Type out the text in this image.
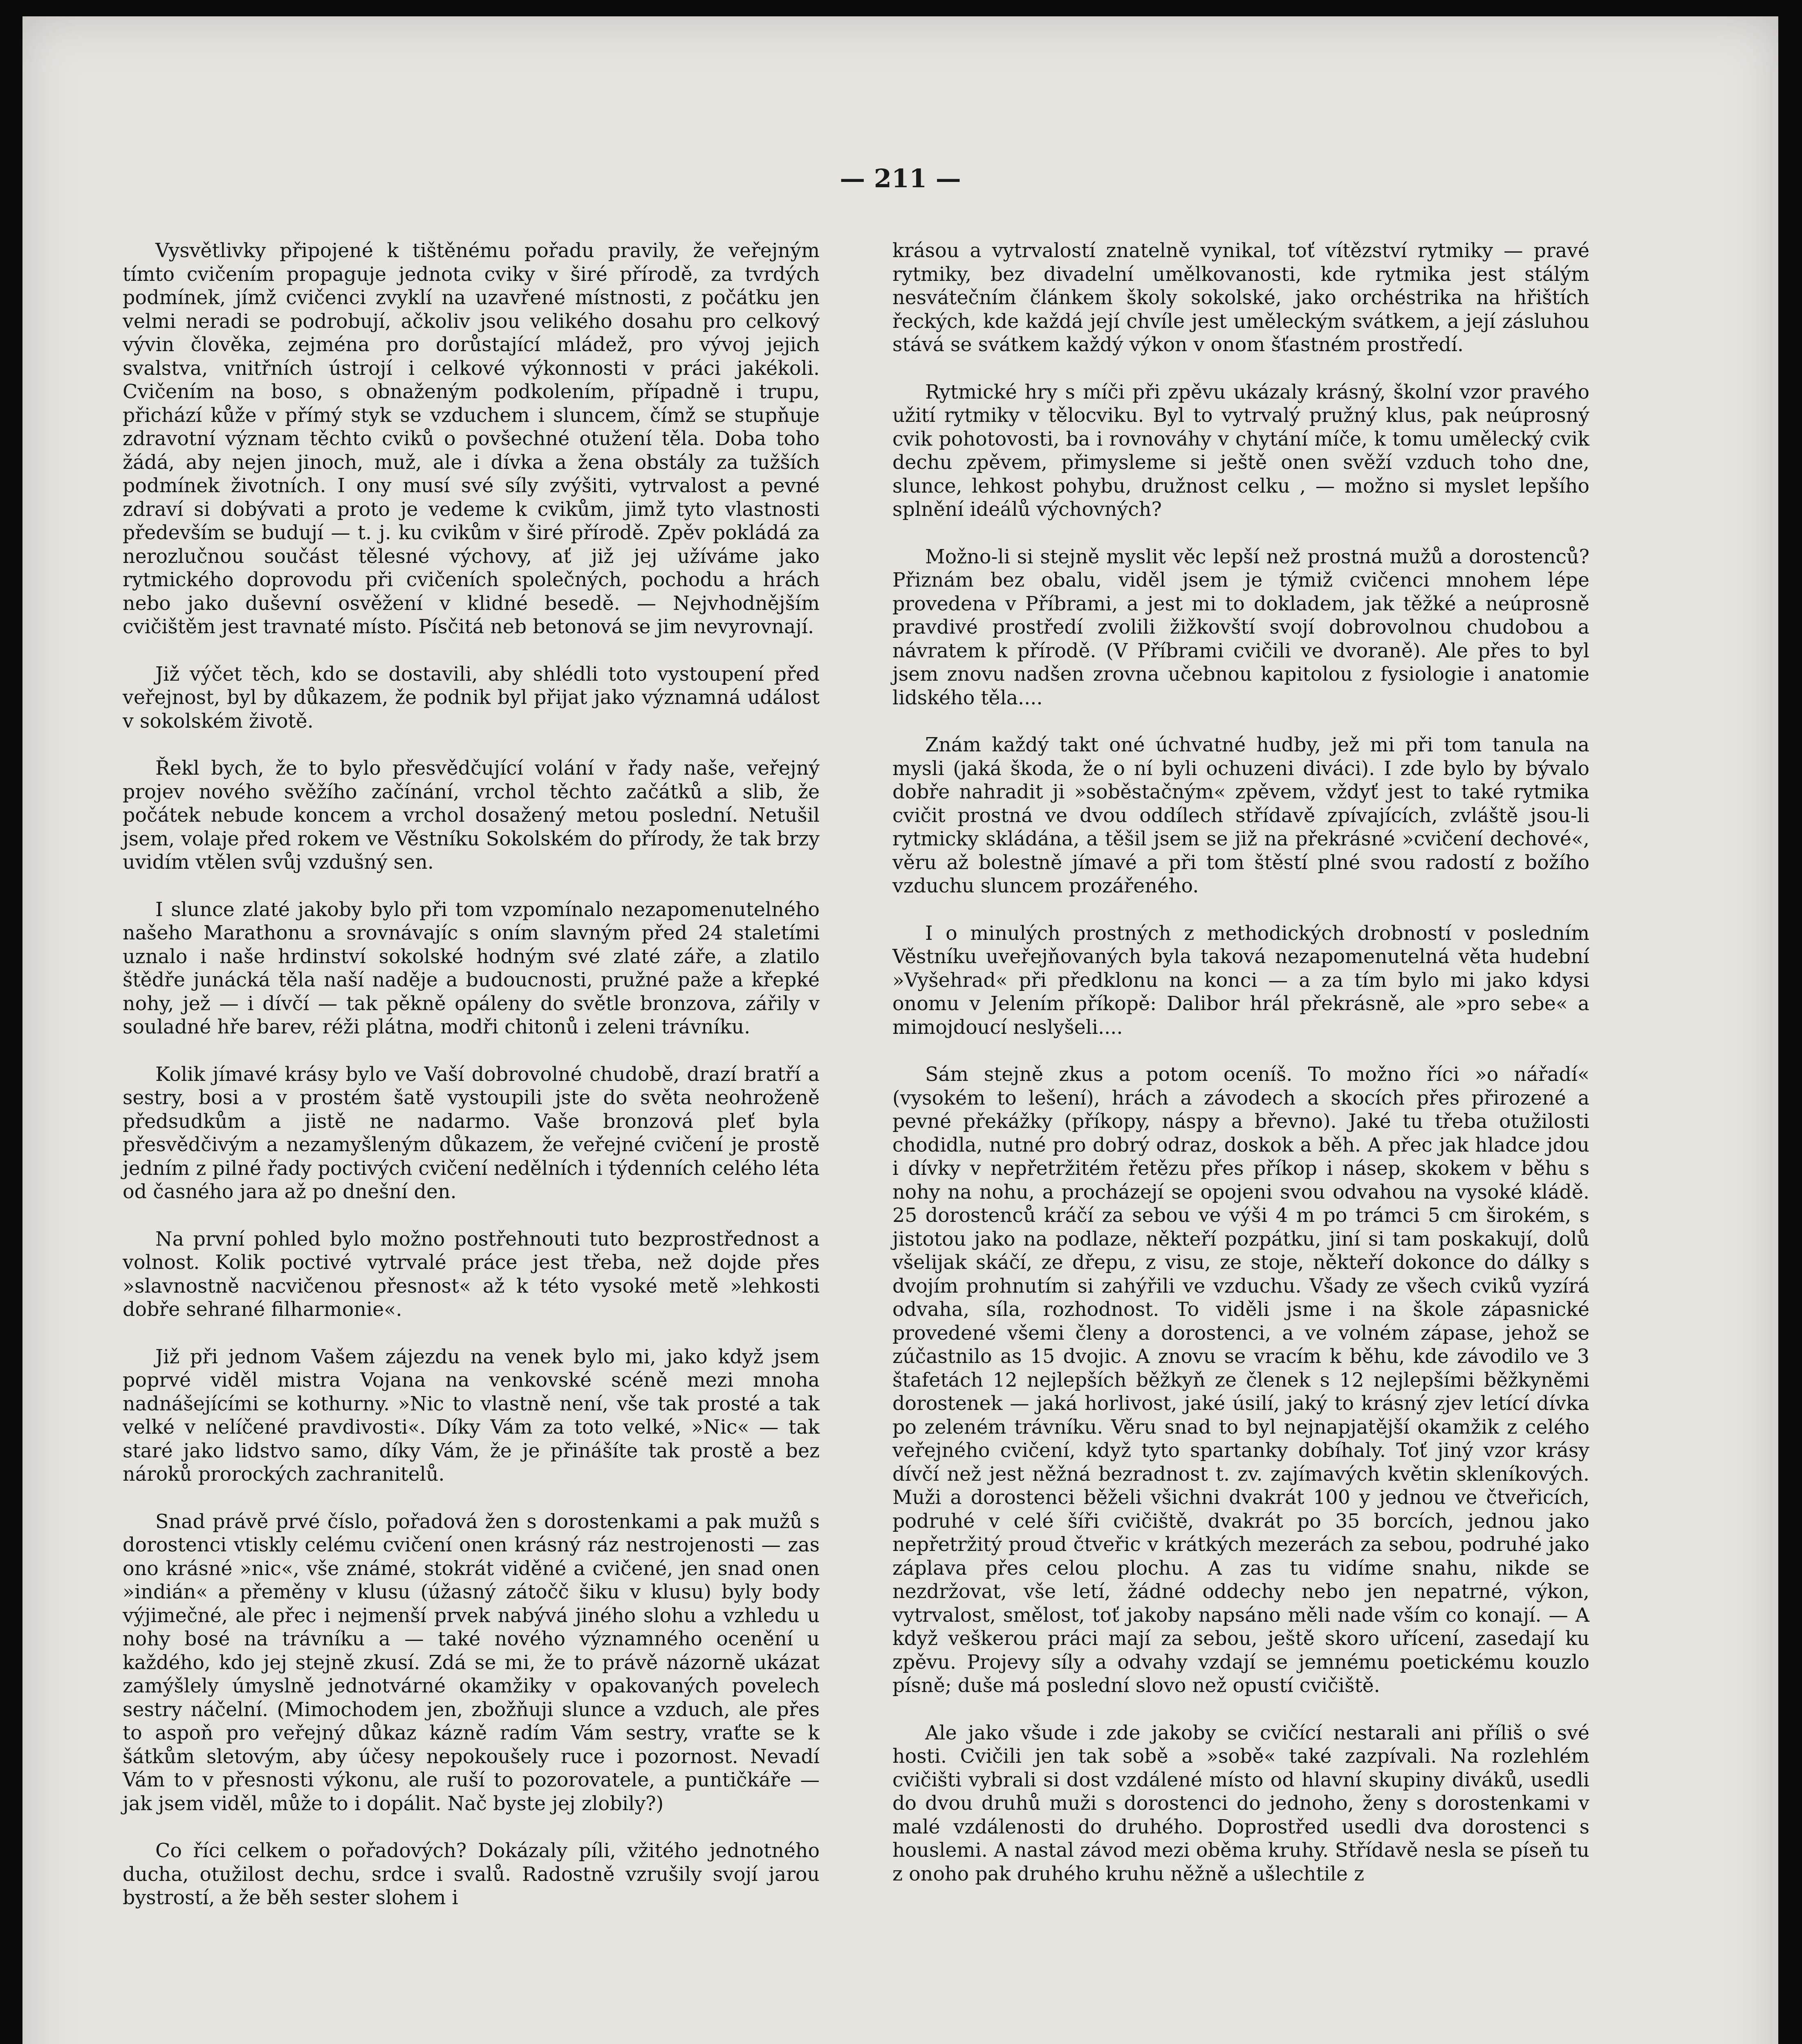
— 211 —

Vysvětlivky připojené k tištěnému pořadu pravily, že veřejným tímto cvičením propaguje jednota cviky v širé přírodě, za tvrdých podmínek, jímž cvičenci zvyklí na uzavřené místnosti, z počátku jen velmi neradi se podrobují, ačkoliv jsou velikého dosahu pro celkový vývin člověka, zejména pro dorůstající mládež, pro vývoj jejich svalstva, vnitřních ústrojí i celkové výkonnosti v práci jakékoli. Cvičením na boso, s obnaženým podkolením, případně i trupu, přichází kůže v přímý styk se vzduchem i sluncem, čímž se stupňuje zdravotní význam těchto cviků o povšechné otužení těla. Doba toho žádá, aby nejen jinoch, muž, ale i dívka a žena obstály za tužších podmínek životních. I ony musí své síly zvýšiti, vytrvalost a pevné zdraví si dobývati a proto je vedeme k cvikům, jimž tyto vlastnosti především se budují — t. j. ku cvikům v širé přírodě. Zpěv pokládá za nerozlučnou součást tělesné výchovy, ať již jej užíváme jako rytmického doprovodu při cvičeních společných, pochodu a hrách nebo jako duševní osvěžení v klidné besedě. — Nejvhodnějším cvičištěm jest travnaté místo. Písčitá neb betonová se jim nevyrovnají.

Již výčet těch, kdo se dostavili, aby shlédli toto vystoupení před veřejnost, byl by důkazem, že podnik byl přijat jako významná událost v sokolském životě.

Řekl bych, že to bylo přesvědčující volání v řady naše, veřejný projev nového svěžího začínání, vrchol těchto začátků a slib, že počátek nebude koncem a vrchol dosažený metou poslední. Netušil jsem, volaje před rokem ve Věstníku Sokolském do přírody, že tak brzy uvidím vtělen svůj vzdušný sen.

I slunce zlaté jakoby bylo při tom vzpomínalo nezapomenutelného našeho Marathonu a srovnávajíc s oním slavným před 24 staletími uznalo i naše hrdinství sokolské hodným své zlaté záře, a zlatilo štědře junácká těla naší naděje a budoucnosti, pružné paže a křepké nohy, jež — i dívčí — tak pěkně opáleny do světle bronzova, zářily v souladné hře barev, réži plátna, modři chitonů i zeleni trávníku.

Kolik jímavé krásy bylo ve Vaší dobrovolné chudobě, drazí bratří a sestry, bosi a v prostém šatě vystoupili jste do světa neohroženě předsudkům a jistě ne nadarmo. Vaše bronzová pleť byla přesvědčivým a nezamyšleným důkazem, že veřejné cvičení je prostě jedním z pilné řady poctivých cvičení nedělních i týdenních celého léta od časného jara až po dnešní den.

Na první pohled bylo možno postřehnouti tuto bezprostřednost a volnost. Kolik poctivé vytrvalé práce jest třeba, než dojde přes »slavnostně nacvičenou přesnost« až k této vysoké metě »lehkosti dobře sehrané filharmonie«.

Již při jednom Vašem zájezdu na venek bylo mi, jako když jsem poprvé viděl mistra Vojana na venkovské scéně mezi mnoha nadnášejícími se kothurny. »Nic to vlastně není, vše tak prosté a tak velké v nelíčené pravdivosti«. Díky Vám za toto velké, »Nic« — tak staré jako lidstvo samo, díky Vám, že je přinášíte tak prostě a bez nároků prorockých zachranitelů.

Snad právě prvé číslo, pořadová žen s dorostenkami a pak mužů s dorostenci vtiskly celému cvičení onen krásný ráz nestrojenosti — zas ono krásné »nic«, vše známé, stokrát viděné a cvičené, jen snad onen »indián« a přeměny v klusu (úžasný zátočč šiku v klusu) byly body výjimečné, ale přec i nejmenší prvek nabývá jiného slohu a vzhledu u nohy bosé na trávníku a — také nového významného ocenění u každého, kdo jej stejně zkusí. Zdá se mi, že to právě názorně ukázat zamýšlely úmyslně jednotvárné okamžiky v opakovaných povelech sestry náčelní. (Mimochodem jen, zbožňuji slunce a vzduch, ale přes to aspoň pro veřejný důkaz kázně radím Vám sestry, vraťte se k šátkům sletovým, aby účesy nepokoušely ruce i pozornost. Nevadí Vám to v přesnosti výkonu, ale ruší to pozorovatele, a puntičkáře — jak jsem viděl, může to i dopálit. Nač byste jej zlobily?)

Co říci celkem o pořadových? Dokázaly píli, vžitého jednotného ducha, otužilost dechu, srdce i svalů. Radostně vzrušily svojí jarou bystrostí, a že běh sester slohem i

krásou a vytrvalostí znatelně vynikal, toť vítězství rytmiky — pravé rytmiky, bez divadelní umělkovanosti, kde rytmika jest stálým nesvátečním článkem školy sokolské, jako orchéstrika na hřištích řeckých, kde každá její chvíle jest uměleckým svátkem, a její zásluhou stává se svátkem každý výkon v onom šťastném prostředí.

Rytmické hry s míči při zpěvu ukázaly krásný, školní vzor pravého užití rytmiky v tělocviku. Byl to vytrvalý pružný klus, pak neúprosný cvik pohotovosti, ba i rovnováhy v chytání míče, k tomu umělecký cvik dechu zpěvem, přimysleme si ještě onen svěží vzduch toho dne, slunce, lehkost pohybu, družnost celku , — možno si myslet lepšího splnění ideálů výchovných?

Možno-li si stejně myslit věc lepší než prostná mužů a dorostenců? Přiznám bez obalu, viděl jsem je týmiž cvičenci mnohem lépe provedena v Příbrami, a jest mi to dokladem, jak těžké a neúprosně pravdivé prostředí zvolili žižkovští svojí dobrovolnou chudobou a návratem k přírodě. (V Příbrami cvičili ve dvoraně). Ale přes to byl jsem znovu nadšen zrovna učebnou kapitolou z fysiologie i anatomie lidského těla....

Znám každý takt oné úchvatné hudby, jež mi při tom tanula na mysli (jaká škoda, že o ní byli ochuzeni diváci). I zde bylo by bývalo dobře nahradit ji »soběstačným« zpěvem, vždyť jest to také rytmika cvičit prostná ve dvou oddílech střídavě zpívajících, zvláště jsou-li rytmicky skládána, a těšil jsem se již na překrásné »cvičení dechové«, věru až bolestně jímavé a při tom štěstí plné svou radostí z božího vzduchu sluncem prozářeného.

I o minulých prostných z methodických drobností v posledním Věstníku uveřejňovaných byla taková nezapomenutelná věta hudební »Vyšehrad« při předklonu na konci — a za tím bylo mi jako kdysi onomu v Jelením příkopě: Dalibor hrál překrásně, ale »pro sebe« a mimojdoucí neslyšeli....

Sám stejně zkus a potom oceníš. To možno říci »o nářadí« (vysokém to lešení), hrách a závodech a skocích přes přirozené a pevné překážky (příkopy, náspy a břevno). Jaké tu třeba otužilosti chodidla, nutné pro dobrý odraz, doskok a běh. A přec jak hladce jdou i dívky v nepřetržitém řetězu přes příkop i násep, skokem v běhu s nohy na nohu, a procházejí se opojeni svou odvahou na vysoké kládě. 25 dorostenců kráčí za sebou ve výši 4 m po trámci 5 cm širokém, s jistotou jako na podlaze, někteří pozpátku, jiní si tam poskakují, dolů všelijak skáčí, ze dřepu, z visu, ze stoje, někteří dokonce do dálky s dvojím prohnutím si zahýřili ve vzduchu. Všady ze všech cviků vyzírá odvaha, síla, rozhodnost. To viděli jsme i na škole zápasnické provedené všemi členy a dorostenci, a ve volném zápase, jehož se zúčastnilo as 15 dvojic. A znovu se vracím k běhu, kde závodilo ve 3 štafetách 12 nejlepších běžkyň ze členek s 12 nejlepšími běžkyněmi dorostenek — jaká horlivost, jaké úsilí, jaký to krásný zjev letící dívka po zeleném trávníku. Věru snad to byl nejnapjatější okamžik z celého veřejného cvičení, když tyto spartanky dobíhaly. Toť jiný vzor krásy dívčí než jest něžná bezradnost t. zv. zajímavých květin skleníkových. Muži a dorostenci běželi všichni dvakrát 100 y jednou ve čtveřicích, podruhé v celé šíři cvičiště, dvakrát po 35 borcích, jednou jako nepřetržitý proud čtveřic v krátkých mezerách za sebou, podruhé jako záplava přes celou plochu. A zas tu vidíme snahu, nikde se nezdržovat, vše letí, žádné oddechy nebo jen nepatrné, výkon, vytrvalost, smělost, toť jakoby napsáno měli nade vším co konají. — A když veškerou práci mají za sebou, ještě skoro uřícení, zasedají ku zpěvu. Projevy síly a odvahy vzdají se jemnému poetickému kouzlo písně; duše má poslední slovo než opustí cvičiště.

Ale jako všude i zde jakoby se cvičící nestarali ani příliš o své hosti. Cvičili jen tak sobě a »sobě« také zazpívali. Na rozlehlém cvičišti vybrali si dost vzdálené místo od hlavní skupiny diváků, usedli do dvou druhů muži s dorostenci do jednoho, ženy s dorostenkami v malé vzdálenosti do druhého. Doprostřed usedli dva dorostenci s houslemi. A nastal závod mezi oběma kruhy. Střídavě nesla se píseň tu z onoho pak druhého kruhu něžně a ušlechtile z
